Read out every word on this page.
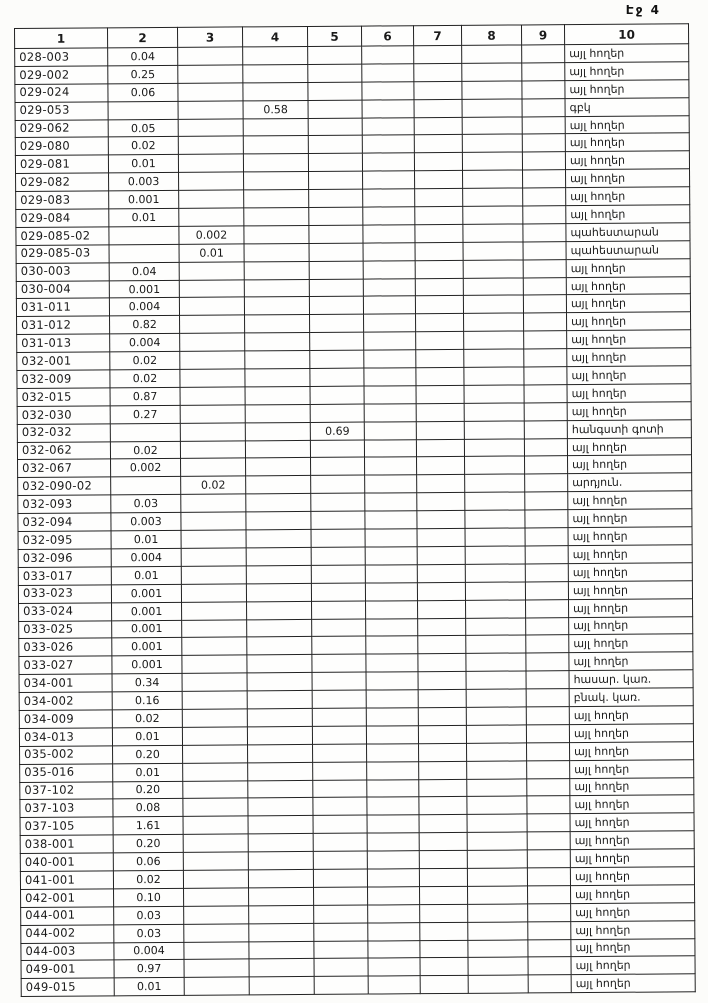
Էջ 4
1	2	3	4	5	6	7	8	9	10
028-003	0.04								այլ հողեր
029-002	0.25								այլ հողեր
029-024	0.06								այլ հողեր
029-053			0.58						գբկ
029-062	0.05								այլ հողեր
029-080	0.02								այլ հողեր
029-081	0.01								այլ հողեր
029-082	0.003								այլ հողեր
029-083	0.001								այլ հողեր
029-084	0.01								այլ հողեր
029-085-02		0.002							պահեստարան
029-085-03		0.01							պահեստարան
030-003	0.04								այլ հողեր
030-004	0.001								այլ հողեր
031-011	0.004								այլ հողեր
031-012	0.82								այլ հողեր
031-013	0.004								այլ հողեր
032-001	0.02								այլ հողեր
032-009	0.02								այլ հողեր
032-015	0.87								այլ հողեր
032-030	0.27								այլ հողեր
032-032				0.69					հանգստի գոտի
032-062	0.02								այլ հողեր
032-067	0.002								այլ հողեր
032-090-02		0.02							արդյուն.
032-093	0.03								այլ հողեր
032-094	0.003								այլ հողեր
032-095	0.01								այլ հողեր
032-096	0.004								այլ հողեր
033-017	0.01								այլ հողեր
033-023	0.001								այլ հողեր
033-024	0.001								այլ հողեր
033-025	0.001								այլ հողեր
033-026	0.001								այլ հողեր
033-027	0.001								այլ հողեր
034-001	0.34								հասար. կառ.
034-002	0.16								բնակ. կառ.
034-009	0.02								այլ հողեր
034-013	0.01								այլ հողեր
035-002	0.20								այլ հողեր
035-016	0.01								այլ հողեր
037-102	0.20								այլ հողեր
037-103	0.08								այլ հողեր
037-105	1.61								այլ հողեր
038-001	0.20								այլ հողեր
040-001	0.06								այլ հողեր
041-001	0.02								այլ հողեր
042-001	0.10								այլ հողեր
044-001	0.03								այլ հողեր
044-002	0.03								այլ հողեր
044-003	0.004								այլ հողեր
049-001	0.97								այլ հողեր
049-015	0.01								այլ հողեր
